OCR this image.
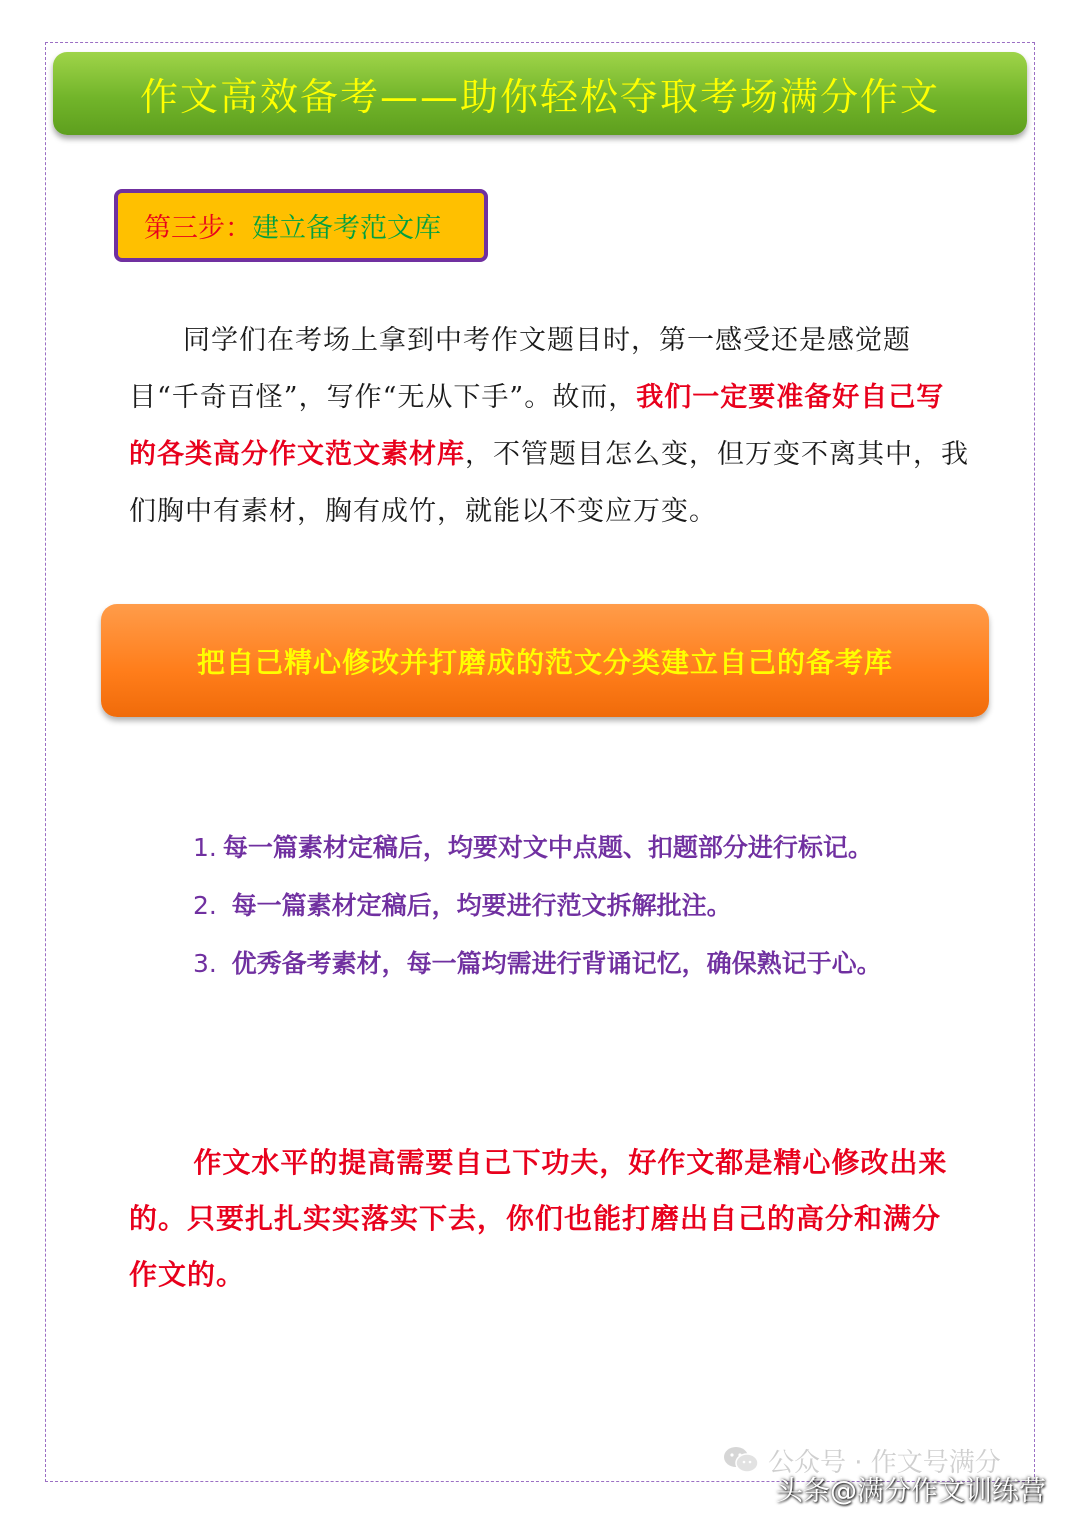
作文高效备考——助你轻松夺取考场满分作文
第三步： 建立备考范文库

同学们在考场上拿到中考作文题目时，第一感受还是感觉题目“千奇百怪”，写作“无从下手”。故而，我们一定要准备好自己写的各类高分作文范文素材库，不管题目怎么变，但万变不离其中，我们胸中有素材，胸有成竹，就能以不变应万变。

把自己精心修改并打磨成的范文分类建立自己的备考库
1. 每一篇素材定稿后，均要对文中点题、扣题部分进行标记。
2. 每一篇素材定稿后，均要进行范文拆解批注。
3. 优秀备考素材，每一篇均需进行背诵记忆，确保熟记于心。

作文水平的提高需要自己下功夫，好作文都是精心修改出来的。只要扎扎实实落实下去，你们也能打磨出自己的高分和满分作文的。

公众号 · 作文号满分
头条@满分作文训练营
